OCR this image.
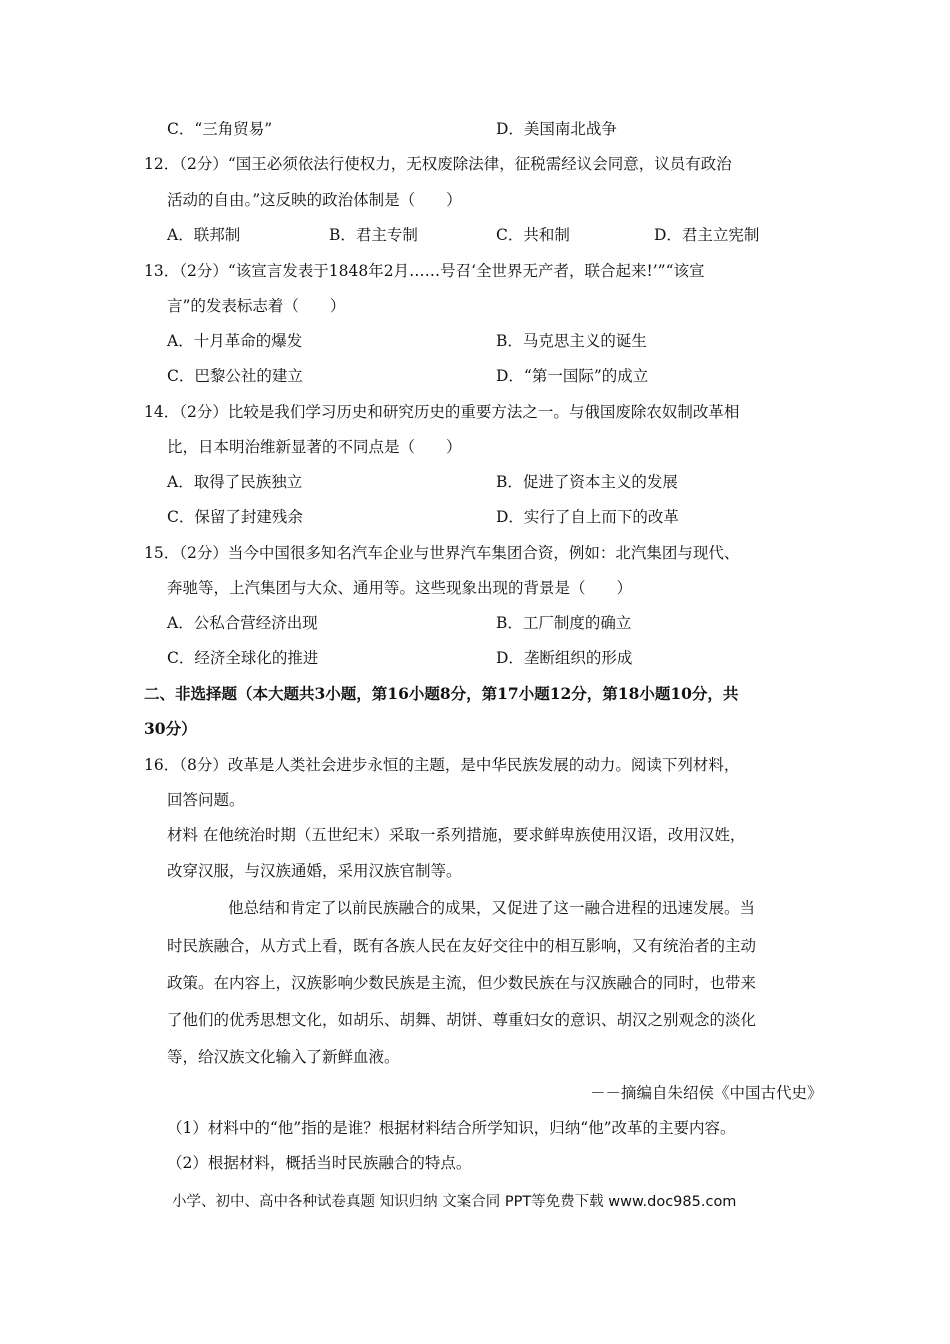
C．“三角贸易”	D．美国南北战争
12．（2分）“国王必须依法行使权力，无权废除法律，征税需经议会同意，议员有政治
活动的自由。”这反映的政治体制是（　　）
A．联邦制	B．君主专制	C．共和制	D．君主立宪制
13．（2分）“该宣言发表于1848年2月……号召‘全世界无产者，联合起来!’”“该宣
言”的发表标志着（　　）
A．十月革命的爆发	B．马克思主义的诞生
C．巴黎公社的建立	D．“第一国际”的成立
14．（2分）比较是我们学习历史和研究历史的重要方法之一。与俄国废除农奴制改革相
比，日本明治维新显著的不同点是（　　）
A．取得了民族独立	B．促进了资本主义的发展
C．保留了封建残余	D．实行了自上而下的改革
15．（2分）当今中国很多知名汽车企业与世界汽车集团合资，例如：北汽集团与现代、
奔驰等，上汽集团与大众、通用等。这些现象出现的背景是（　　）
A．公私合营经济出现	B．工厂制度的确立
C．经济全球化的推进	D．垄断组织的形成
二、非选择题（本大题共3小题，第16小题8分，第17小题12分，第18小题10分，共
30分）
16．（8分）改革是人类社会进步永恒的主题，是中华民族发展的动力。阅读下列材料，
回答问题。
材料 在他统治时期（五世纪末）采取一系列措施，要求鲜卑族使用汉语，改用汉姓，
改穿汉服，与汉族通婚，采用汉族官制等。
他总结和肯定了以前民族融合的成果，又促进了这一融合进程的迅速发展。当
时民族融合，从方式上看，既有各族人民在友好交往中的相互影响，又有统治者的主动
政策。在内容上，汉族影响少数民族是主流，但少数民族在与汉族融合的同时，也带来
了他们的优秀思想文化，如胡乐、胡舞、胡饼、尊重妇女的意识、胡汉之别观念的淡化
等，给汉族文化输入了新鲜血液。
－－摘编自朱绍侯《中国古代史》
（1）材料中的“他”指的是谁？根据材料结合所学知识，归纳“他”改革的主要内容。
（2）根据材料，概括当时民族融合的特点。
小学、初中、高中各种试卷真题 知识归纳 文案合同 PPT等免费下载 www.doc985.com
